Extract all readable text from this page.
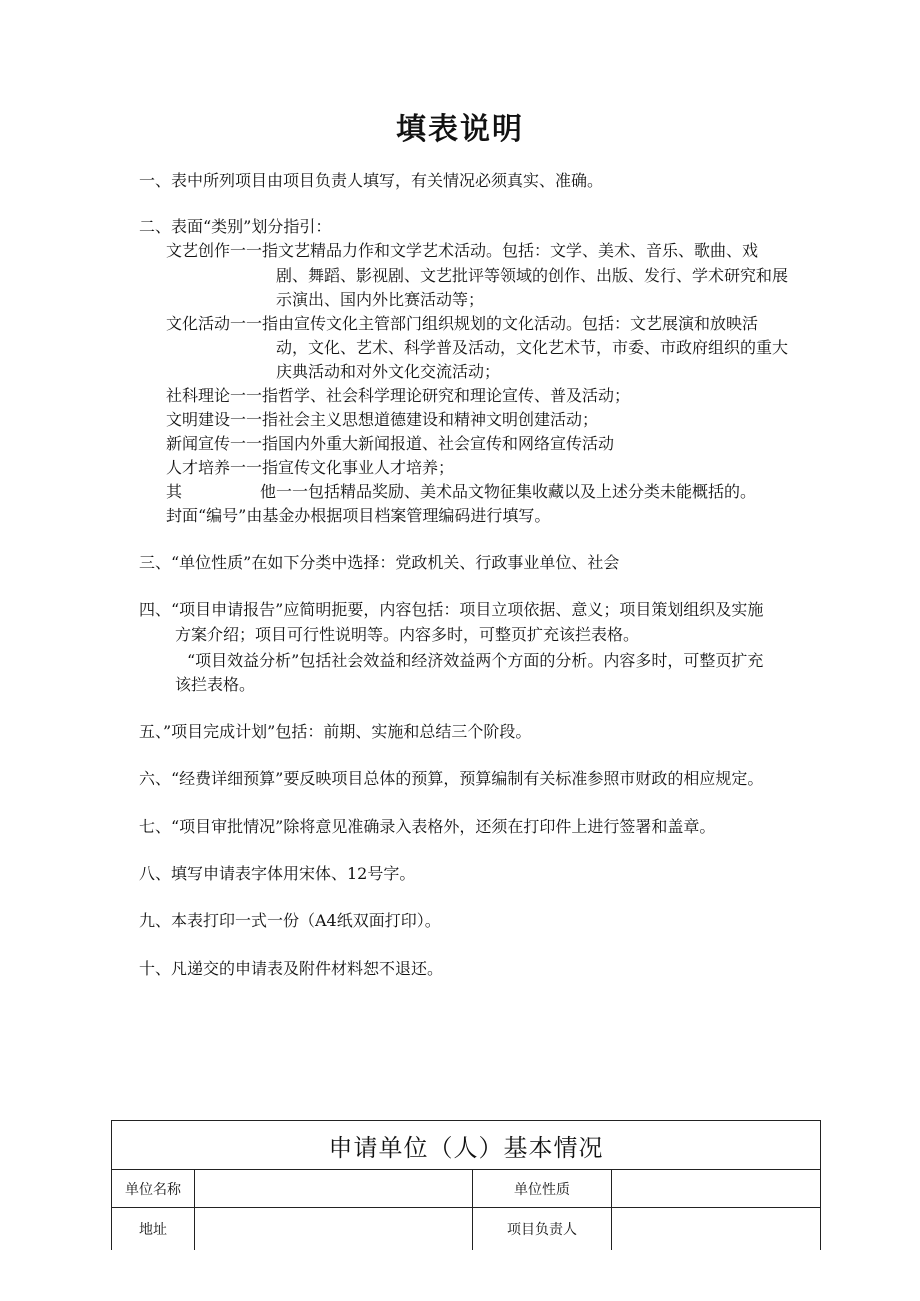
填表说明
一、表中所列项目由项目负责人填写，有关情况必须真实、准确。
二、表面“类别”划分指引：
文艺创作一一指文艺精品力作和文学艺术活动。包括：文学、美术、音乐、歌曲、戏
剧、舞蹈、影视剧、文艺批评等领域的创作、出版、发行、学术研究和展
示演出、国内外比赛活动等；
文化活动一一指由宣传文化主管部门组织规划的文化活动。包括：文艺展演和放映活
动，文化、艺术、科学普及活动，文化艺术节，市委、市政府组织的重大
庆典活动和对外文化交流活动；
社科理论一一指哲学、社会科学理论研究和理论宣传、普及活动；
文明建设一一指社会主义思想道德建设和精神文明创建活动；
新闻宣传一一指国内外重大新闻报道、社会宣传和网络宣传活动
人才培养一一指宣传文化事业人才培养；
其	他一一包括精品奖励、美术品文物征集收藏以及上述分类未能概括的。
封面“编号”由基金办根据项目档案管理编码进行填写。
三、“单位性质”在如下分类中选择：党政机关、行政事业单位、社会
四、“项目申请报告”应简明扼要，内容包括：项目立项依据、意义；项目策划组织及实施
方案介绍；项目可行性说明等。内容多时，可整页扩充该拦表格。
“项目效益分析”包括社会效益和经济效益两个方面的分析。内容多时，可整页扩充
该拦表格。
五、”项目完成计划”包括：前期、实施和总结三个阶段。
六、“经费详细预算”要反映项目总体的预算，预算编制有关标准参照市财政的相应规定。
七、“项目审批情况”除将意见准确录入表格外，还须在打印件上进行签署和盖章。
八、填写申请表字体用宋体、12号字。
九、本表打印一式一份（A4纸双面打印）。
十、凡递交的申请表及附件材料恕不退还。
申请单位（人）基本情况			
单位名称		单位性质	
地址		项目负责人	
